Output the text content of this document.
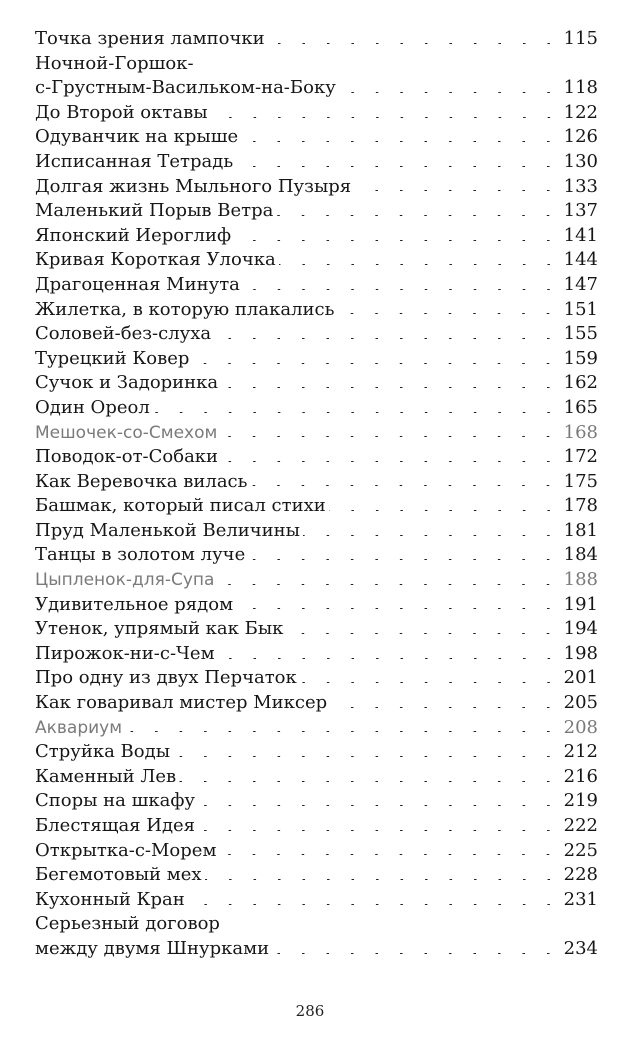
Точка зрения лампочки	115
Ночной-Горшок-
с-Грустным-Васильком-на-Боку	118
До Второй октавы	122
Одуванчик на крыше	126
Исписанная Тетрадь	130
Долгая жизнь Мыльного Пузыря	133
Маленький Порыв Ветра	137
Японский Иероглиф	141
Кривая Короткая Улочка	144
Драгоценная Минута	147
Жилетка, в которую плакались	151
Соловей-без-слуха	155
Турецкий Ковер	159
Сучок и Задоринка	162
Один Ореол	165
Мешочек-со-Смехом	168
Поводок-от-Собаки	172
Как Веревочка вилась	175
Башмак, который писал стихи	178
Пруд Маленькой Величины	181
Танцы в золотом луче	184
Цыпленок-для-Супа	188
Удивительное рядом	191
Утенок, упрямый как Бык	194
Пирожок-ни-с-Чем	198
Про одну из двух Перчаток	201
Как говаривал мистер Миксер	205
Аквариум	208
Струйка Воды	212
Каменный Лев	216
Споры на шкафу	219
Блестящая Идея	222
Открытка-с-Морем	225
Бегемотовый мех	228
Кухонный Кран	231
Серьезный договор
между двумя Шнурками	234
286
